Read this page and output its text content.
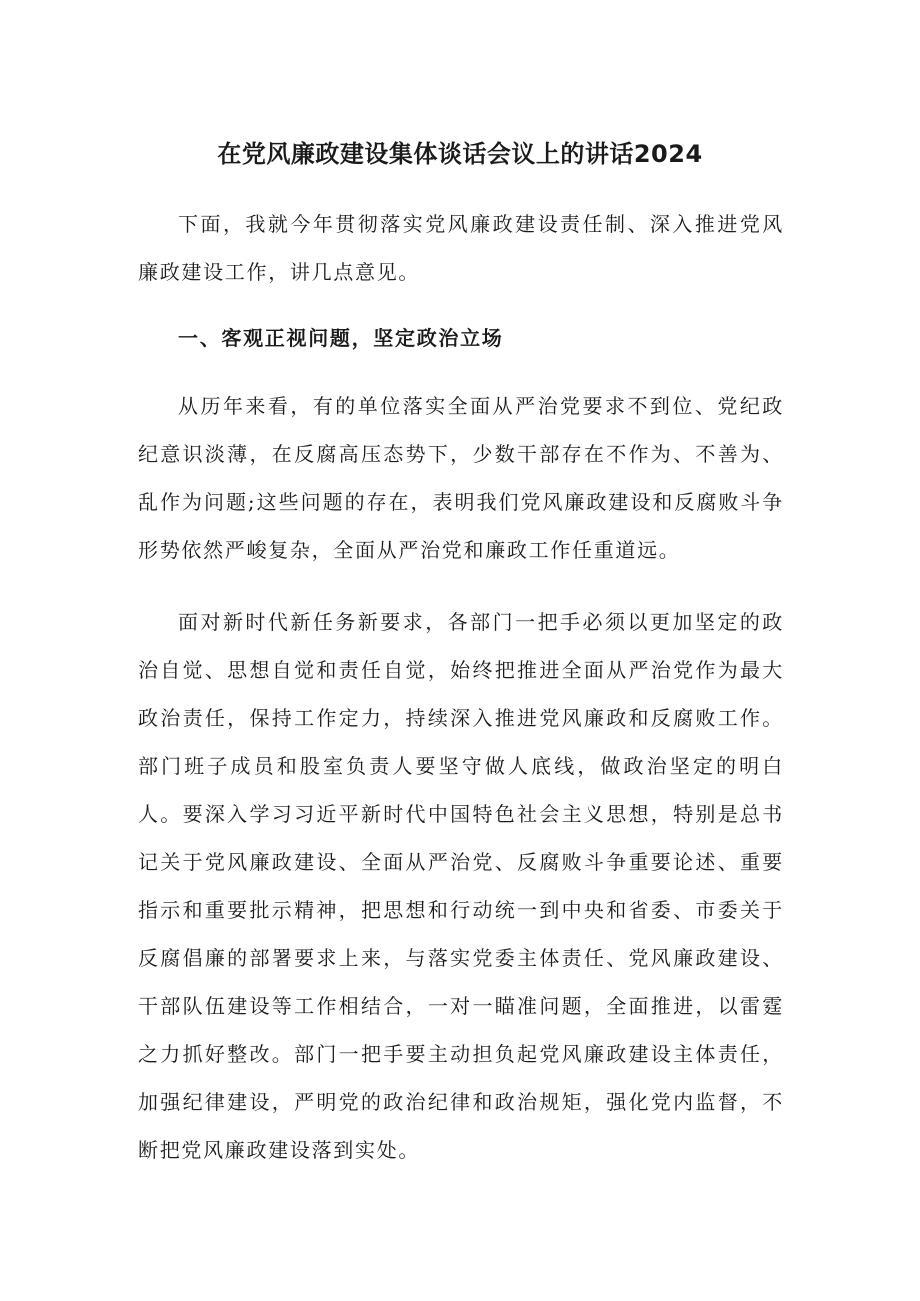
在党风廉政建设集体谈话会议上的讲话2024

下面，我就今年贯彻落实党风廉政建设责任制、深入推进党风廉政建设工作，讲几点意见。

一、客观正视问题，坚定政治立场

从历年来看，有的单位落实全面从严治党要求不到位、党纪政纪意识淡薄，在反腐高压态势下，少数干部存在不作为、不善为、乱作为问题;这些问题的存在，表明我们党风廉政建设和反腐败斗争形势依然严峻复杂，全面从严治党和廉政工作任重道远。

面对新时代新任务新要求，各部门一把手必须以更加坚定的政治自觉、思想自觉和责任自觉，始终把推进全面从严治党作为最大政治责任，保持工作定力，持续深入推进党风廉政和反腐败工作。部门班子成员和股室负责人要坚守做人底线，做政治坚定的明白人。要深入学习习近平新时代中国特色社会主义思想，特别是总书记关于党风廉政建设、全面从严治党、反腐败斗争重要论述、重要指示和重要批示精神，把思想和行动统一到中央和省委、市委关于反腐倡廉的部署要求上来，与落实党委主体责任、党风廉政建设、干部队伍建设等工作相结合，一对一瞄准问题，全面推进，以雷霆之力抓好整改。部门一把手要主动担负起党风廉政建设主体责任，加强纪律建设，严明党的政治纪律和政治规矩，强化党内监督，不断把党风廉政建设落到实处。
